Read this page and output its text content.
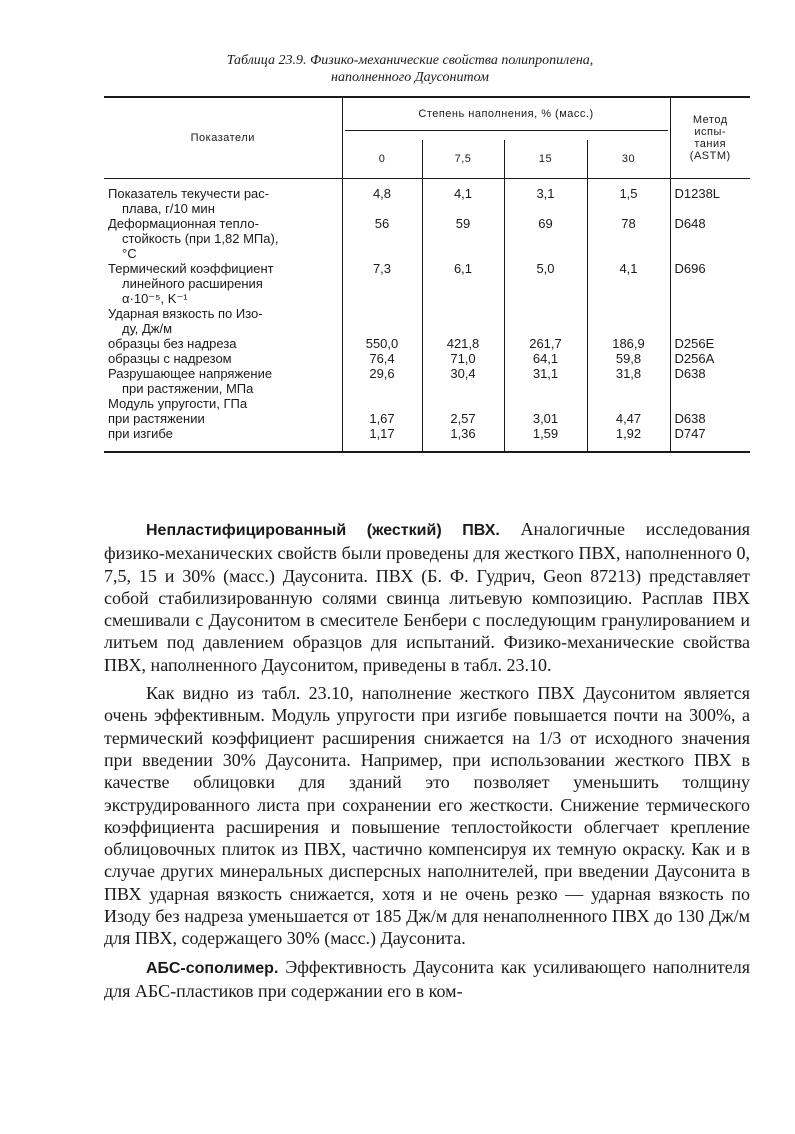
Таблица 23.9. Физико-механические свойства полипропилена,
наполненного Даусонитом
Показатели	Степень наполнения, % (масс.)				Метод
испы-
тания
(ASTM)

	0	7,5	15	30	

Показатель текучести рас-
плава, г/10 мин	4,8	4,1	3,1	1,5	D1238L

Деформационная тепло-
стойкость (при 1,82 МПа),
°C	56	59	69	78	D648

Термический коэффициент
линейного расширения
α·10⁻⁵, K⁻¹	7,3	6,1	5,0	4,1	D696

Ударная вязкость по Изо-
ду, Дж/м					

образцы без надреза	550,0	421,8	261,7	186,9	D256E

образцы с надрезом	76,4	71,0	64,1	59,8	D256A

Разрушающее напряжение
при растяжении, МПа	29,6	30,4	31,1	31,8	D638

Модуль упругости, ГПа					

при растяжении	1,67	2,57	3,01	4,47	D638

при изгибе	1,17	1,36	1,59	1,92	D747

Непластифицированный (жесткий) ПВХ. Аналогичные исследования физико-механических свойств были проведены для жесткого ПВХ, наполненного 0, 7,5, 15 и 30% (масс.) Даусонита. ПВХ (Б. Ф. Гудрич, Geon 87213) представляет собой стабилизированную солями свинца литьевую композицию. Расплав ПВХ смешивали с Даусонитом в смесителе Бенбери с последующим гранулированием и литьем под давлением образцов для испытаний. Физико-механические свойства ПВХ, наполненного Даусонитом, приведены в табл. 23.10.

Как видно из табл. 23.10, наполнение жесткого ПВХ Даусонитом является очень эффективным. Модуль упругости при изгибе повышается почти на 300%, а термический коэффициент расширения снижается на 1/3 от исходного значения при введении 30% Даусонита. Например, при использовании жесткого ПВХ в качестве облицовки для зданий это позволяет уменьшить толщину экструдированного листа при сохранении его жесткости. Снижение термического коэффициента расширения и повышение теплостойкости облегчает крепление облицовочных плиток из ПВХ, частично компенсируя их темную окраску. Как и в случае других минеральных дисперсных наполнителей, при введении Даусонита в ПВХ ударная вязкость снижается, хотя и не очень резко — ударная вязкость по Изоду без надреза уменьшается от 185 Дж/м для ненаполненного ПВХ до 130 Дж/м для ПВХ, содержащего 30% (масс.) Даусонита.

АБС-сополимер. Эффективность Даусонита как усиливающего наполнителя для АБС-пластиков при содержании его в ком-
